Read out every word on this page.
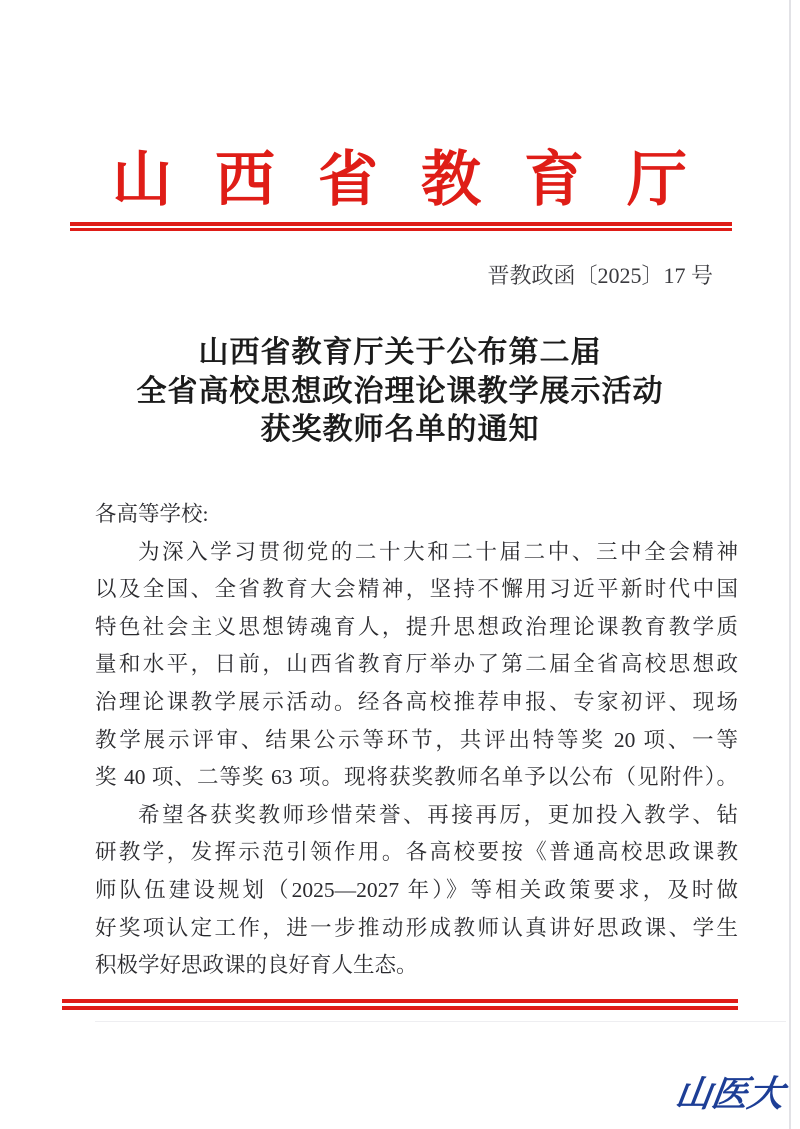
山西省教育厅
晋教政函〔2025〕17 号
山西省教育厅关于公布第二届
全省高校思想政治理论课教学展示活动
获奖教师名单的通知
各高等学校:
为深入学习贯彻党的二十大和二十届二中、三中全会精神
以及全国、全省教育大会精神，坚持不懈用习近平新时代中国
特色社会主义思想铸魂育人，提升思想政治理论课教育教学质
量和水平，日前，山西省教育厅举办了第二届全省高校思想政
治理论课教学展示活动。经各高校推荐申报、专家初评、现场
教学展示评审、结果公示等环节，共评出特等奖 20 项、一等
奖 40 项、二等奖 63 项。现将获奖教师名单予以公布（见附件）。
希望各获奖教师珍惜荣誉、再接再厉，更加投入教学、钻
研教学，发挥示范引领作用。各高校要按《普通高校思政课教
师队伍建设规划（2025—2027 年）》等相关政策要求，及时做
好奖项认定工作，进一步推动形成教师认真讲好思政课、学生
积极学好思政课的良好育人生态。
山医大
